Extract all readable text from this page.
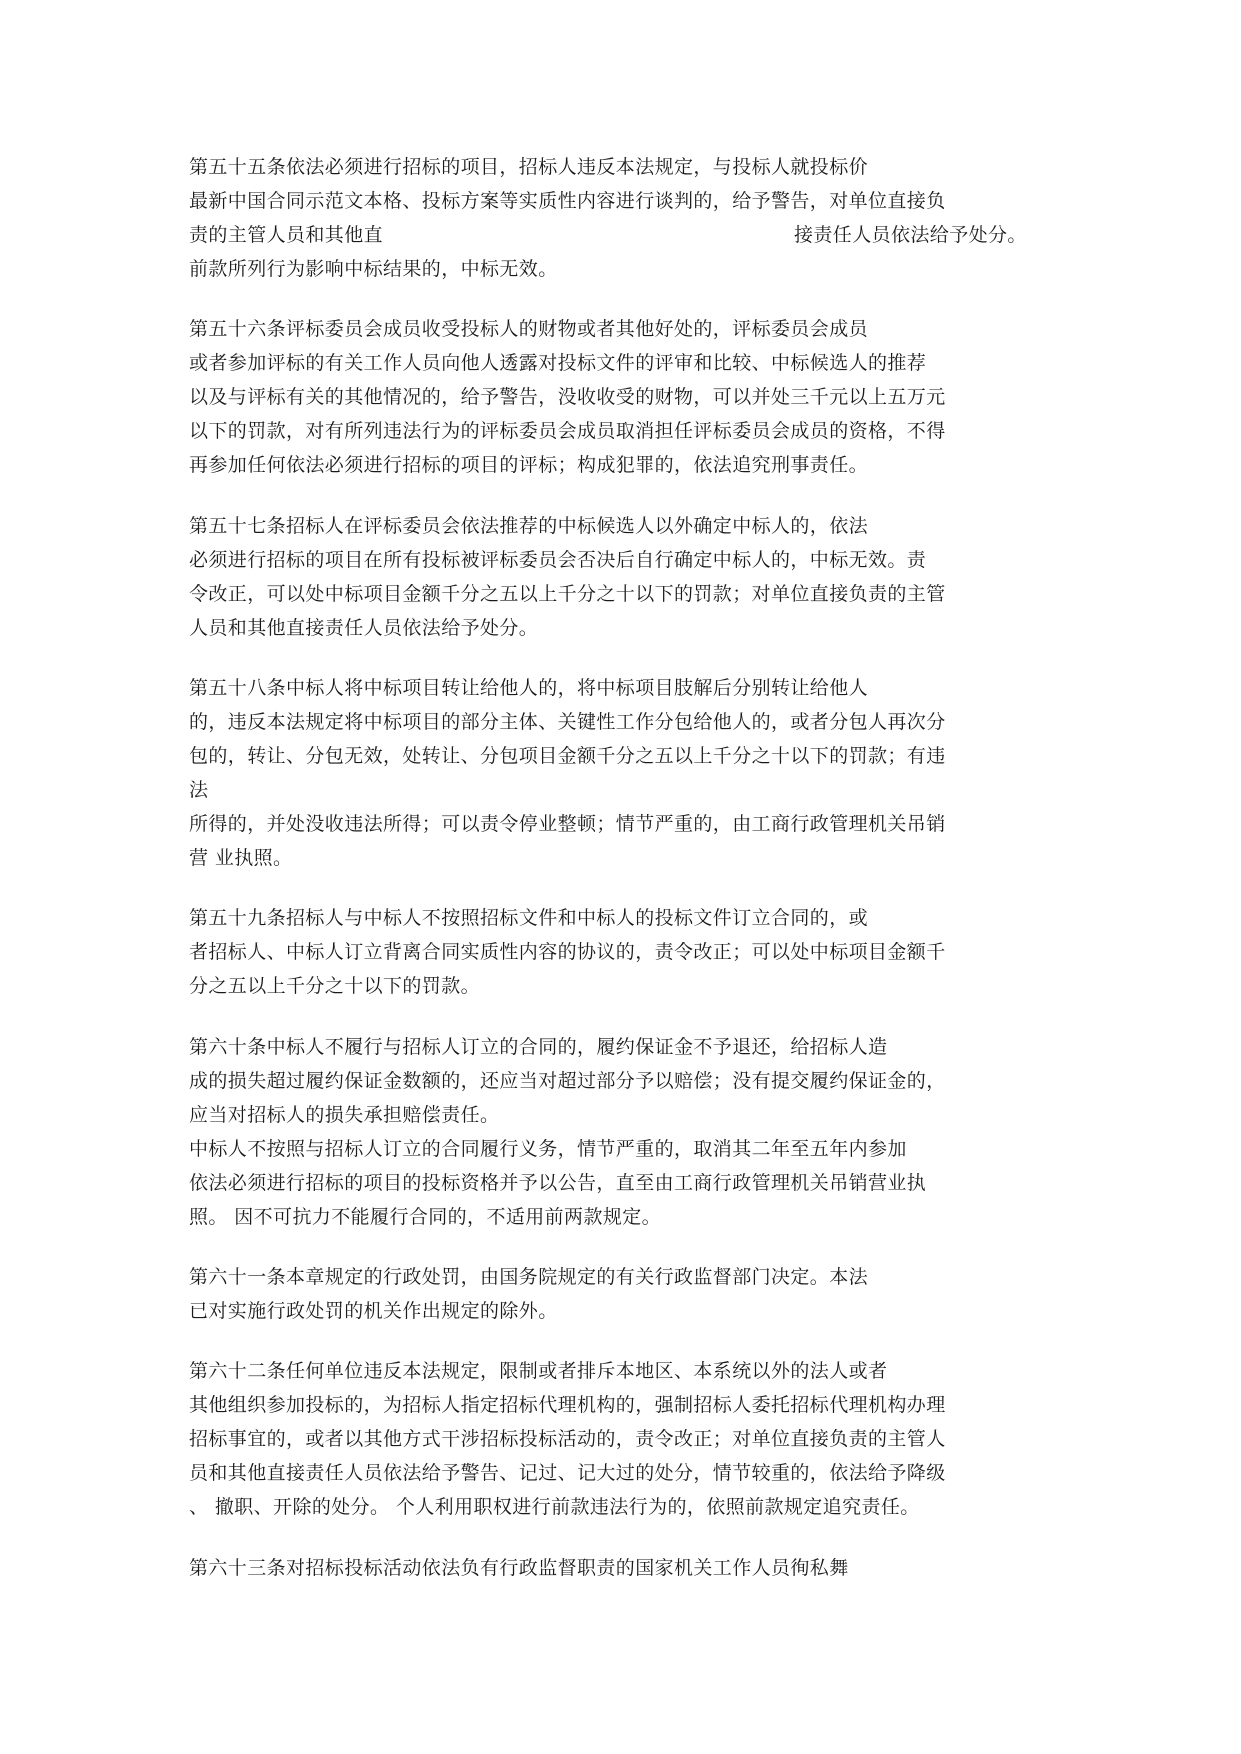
第五十五条依法必须进行招标的项目，招标人违反本法规定，与投标人就投标价
最新中国合同示范文本格、投标方案等实质性内容进行谈判的，给予警告，对单位直接负
责的主管人员和其他直	接责任人员依法给予处分。
前款所列行为影响中标结果的，中标无效。
第五十六条评标委员会成员收受投标人的财物或者其他好处的，评标委员会成员
或者参加评标的有关工作人员向他人透露对投标文件的评审和比较、中标候选人的推荐
以及与评标有关的其他情况的，给予警告，没收收受的财物，可以并处三千元以上五万元
以下的罚款，对有所列违法行为的评标委员会成员取消担任评标委员会成员的资格，不得
再参加任何依法必须进行招标的项目的评标；构成犯罪的，依法追究刑事责任。
第五十七条招标人在评标委员会依法推荐的中标候选人以外确定中标人的，依法
必须进行招标的项目在所有投标被评标委员会否决后自行确定中标人的，中标无效。责
令改正，可以处中标项目金额千分之五以上千分之十以下的罚款；对单位直接负责的主管
人员和其他直接责任人员依法给予处分。
第五十八条中标人将中标项目转让给他人的，将中标项目肢解后分别转让给他人
的，违反本法规定将中标项目的部分主体、关键性工作分包给他人的，或者分包人再次分
包的，转让、分包无效，处转让、分包项目金额千分之五以上千分之十以下的罚款；有违
法
所得的，并处没收违法所得；可以责令停业整顿；情节严重的，由工商行政管理机关吊销
营 业执照。
第五十九条招标人与中标人不按照招标文件和中标人的投标文件订立合同的，或
者招标人、中标人订立背离合同实质性内容的协议的，责令改正；可以处中标项目金额千
分之五以上千分之十以下的罚款。
第六十条中标人不履行与招标人订立的合同的，履约保证金不予退还，给招标人造
成的损失超过履约保证金数额的，还应当对超过部分予以赔偿；没有提交履约保证金的，
应当对招标人的损失承担赔偿责任。
中标人不按照与招标人订立的合同履行义务，情节严重的，取消其二年至五年内参加
依法必须进行招标的项目的投标资格并予以公告，直至由工商行政管理机关吊销营业执
照。 因不可抗力不能履行合同的，不适用前两款规定。
第六十一条本章规定的行政处罚，由国务院规定的有关行政监督部门决定。本法
已对实施行政处罚的机关作出规定的除外。
第六十二条任何单位违反本法规定，限制或者排斥本地区、本系统以外的法人或者
其他组织参加投标的，为招标人指定招标代理机构的，强制招标人委托招标代理机构办理
招标事宜的，或者以其他方式干涉招标投标活动的，责令改正；对单位直接负责的主管人
员和其他直接责任人员依法给予警告、记过、记大过的处分，情节较重的，依法给予降级
、 撤职、开除的处分。 个人利用职权进行前款违法行为的，依照前款规定追究责任。
第六十三条对招标投标活动依法负有行政监督职责的国家机关工作人员徇私舞
